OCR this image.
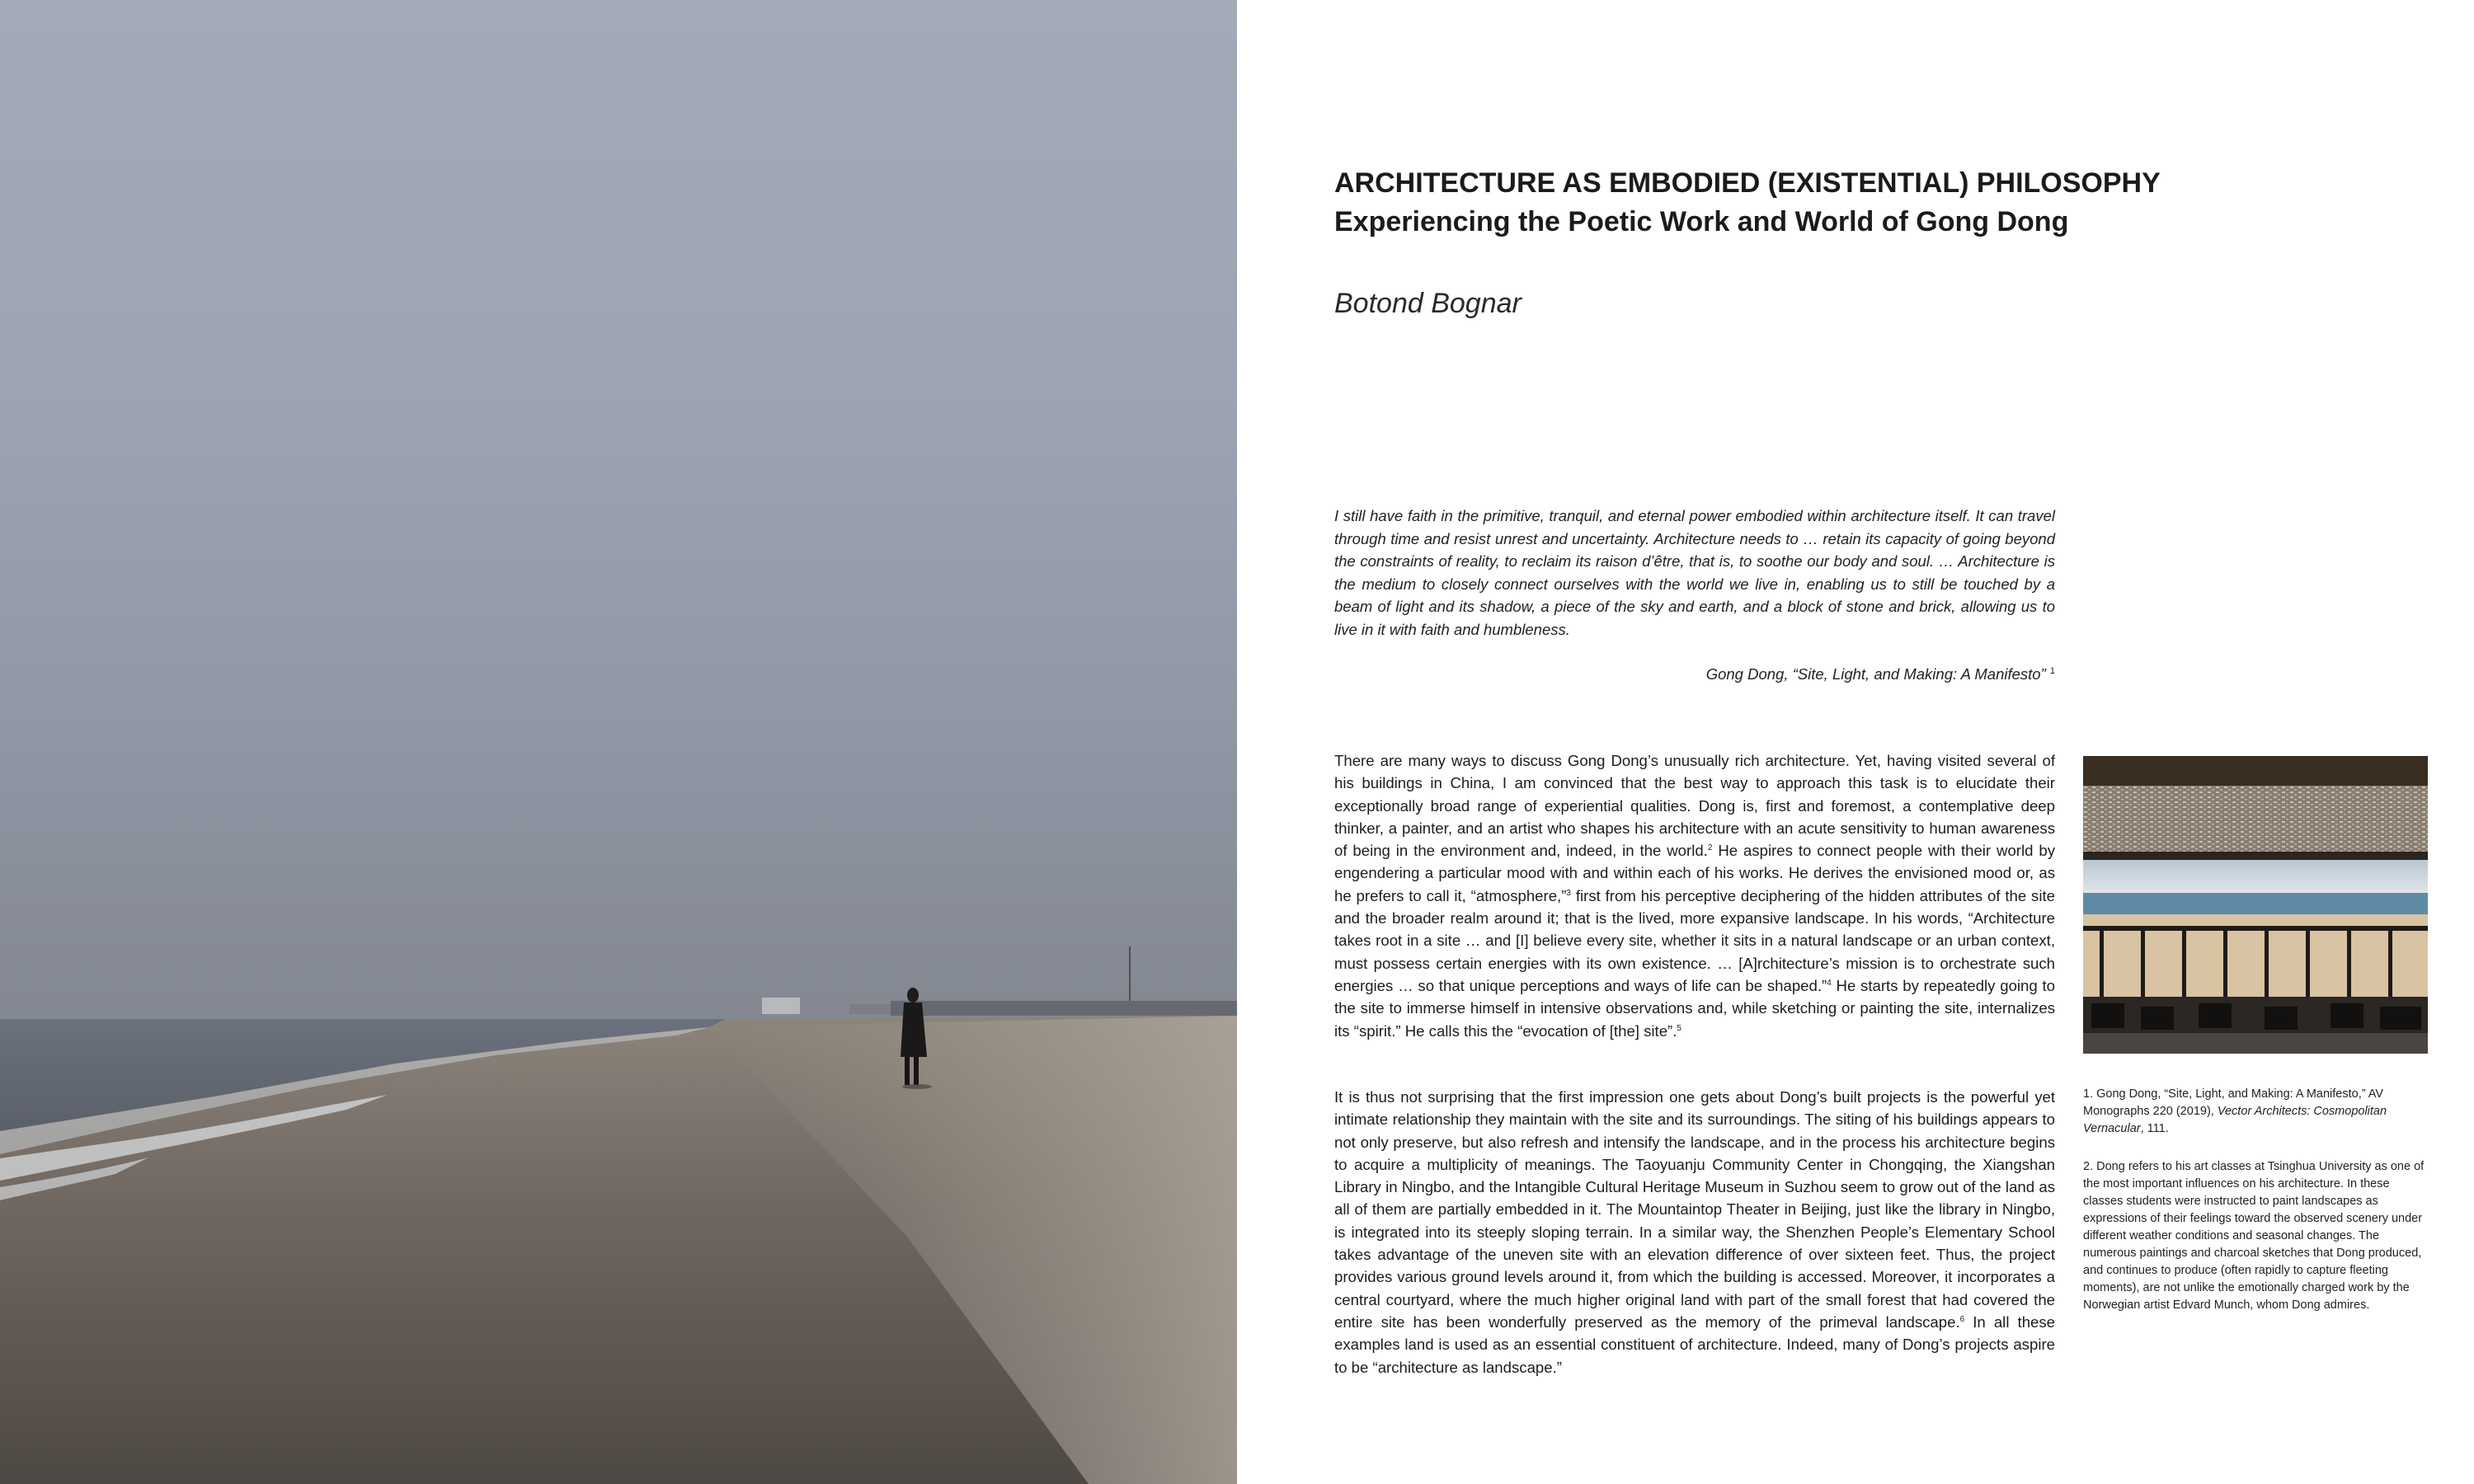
ARCHITECTURE AS EMBODIED (EXISTENTIAL) PHILOSOPHY
Experiencing the Poetic Work and World of Gong Dong
Botond Bognar

I still have faith in the primitive, tranquil, and eternal power embodied within architecture itself. It can travel through time and resist unrest and uncertainty. Architecture needs to … retain its capacity of going beyond the constraints of reality, to reclaim its raison d’être, that is, to soothe our body and soul. … Architecture is the medium to closely connect ourselves with the world we live in, enabling us to still be touched by a beam of light and its shadow, a piece of the sky and earth, and a block of stone and brick, allowing us to live in it with faith and humbleness.

Gong Dong, “Site, Light, and Making: A Manifesto” $^1$

There are many ways to discuss Gong Dong’s unusually rich architecture. Yet, having visited several of his buildings in China, I am convinced that the best way to approach this task is to elucidate their exceptionally broad range of experiential qualities. Dong is, first and foremost, a contemplative deep thinker, a painter, and an artist who shapes his architecture with an acute sensitivity to human awareness of being in the environment and, indeed, in the world.$^2$ He aspires to connect people with their world by engendering a particular mood with and within each of his works. He derives the envisioned mood or, as he prefers to call it, “atmosphere,”$^3$ first from his perceptive deciphering of the hidden attributes of the site and the broader realm around it; that is the lived, more expansive landscape. In his words, “Architecture takes root in a site … and [I] believe every site, whether it sits in a natural landscape or an urban context, must possess certain energies with its own existence. … [A]rchitecture’s mission is to orchestrate such energies … so that unique perceptions and ways of life can be shaped.”$^4$ He starts by repeatedly going to the site to immerse himself in intensive observations and, while sketching or painting the site, internalizes its “spirit.” He calls this the “evocation of [the] site”.$^5$

It is thus not surprising that the first impression one gets about Dong’s built projects is the powerful yet intimate relationship they maintain with the site and its surroundings. The siting of his buildings appears to not only preserve, but also refresh and intensify the landscape, and in the process his architecture begins to acquire a multiplicity of meanings. The Taoyuanju Community Center in Chongqing, the Xiangshan Library in Ningbo, and the Intangible Cultural Heritage Museum in Suzhou seem to grow out of the land as all of them are partially embedded in it. The Mountaintop Theater in Beijing, just like the library in Ningbo, is integrated into its steeply sloping terrain. In a similar way, the Shenzhen People’s Elementary School takes advantage of the uneven site with an elevation difference of over sixteen feet. Thus, the project provides various ground levels around it, from which the building is accessed. Moreover, it incorporates a central courtyard, where the much higher original land with part of the small forest that had covered the entire site has been wonderfully preserved as the memory of the primeval landscape.$^6$ In all these examples land is used as an essential constituent of architecture. Indeed, many of Dong’s projects aspire to be “architecture as landscape.”

1. Gong Dong, “Site, Light, and Making: A Manifesto,” AV Monographs 220 (2019), Vector Architects: Cosmopolitan Vernacular, 111.

2. Dong refers to his art classes at Tsinghua University as one of the most important influences on his architecture. In these classes students were instructed to paint landscapes as expressions of their feelings toward the observed scenery under different weather conditions and seasonal changes. The numerous paintings and charcoal sketches that Dong produced, and continues to produce (often rapidly to capture fleeting moments), are not unlike the emotionally charged work by the Norwegian artist Edvard Munch, whom Dong admires.
